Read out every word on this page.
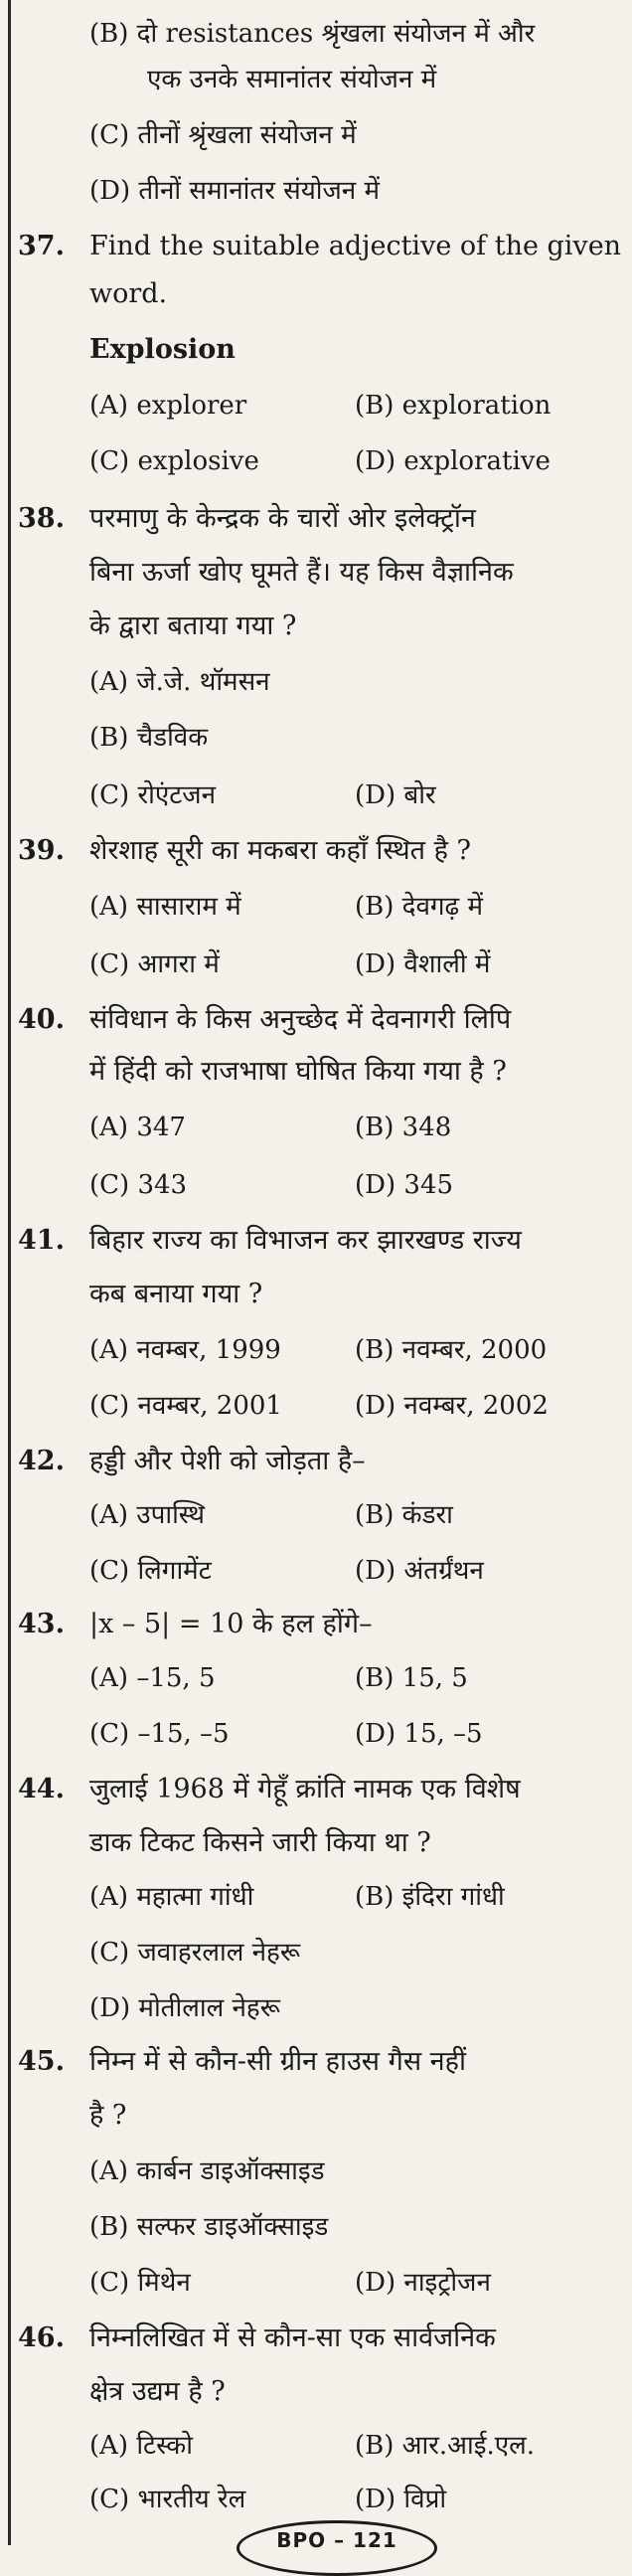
(B) दो resistances श्रृंखला संयोजन में और
एक उनके समानांतर संयोजन में
(C) तीनों श्रृंखला संयोजन में
(D) तीनों समानांतर संयोजन में
37. Find the suitable adjective of the given
word.
Explosion
(A) explorer	(B) exploration
(C) explosive	(D) explorative
38. परमाणु के केन्द्रक के चारों ओर इलेक्ट्रॉन
बिना ऊर्जा खोए घूमते हैं। यह किस वैज्ञानिक
के द्वारा बताया गया ?
(A) जे.जे. थॉमसन
(B) चैडविक
(C) रोएंटजन	(D) बोर
39. शेरशाह सूरी का मकबरा कहाँ स्थित है ?
(A) सासाराम में	(B) देवगढ़ में
(C) आगरा में	(D) वैशाली में
40. संविधान के किस अनुच्छेद में देवनागरी लिपि
में हिंदी को राजभाषा घोषित किया गया है ?
(A) 347	(B) 348
(C) 343	(D) 345
41. बिहार राज्य का विभाजन कर झारखण्ड राज्य
कब बनाया गया ?
(A) नवम्बर, 1999	(B) नवम्बर, 2000
(C) नवम्बर, 2001	(D) नवम्बर, 2002
42. हड्डी और पेशी को जोड़ता है–
(A) उपास्थि	(B) कंडरा
(C) लिगामेंट	(D) अंतर्ग्रंथन
43. |x – 5| = 10 के हल होंगे–
(A) –15, 5	(B) 15, 5
(C) –15, –5	(D) 15, –5
44. जुलाई 1968 में गेहूँ क्रांति नामक एक विशेष
डाक टिकट किसने जारी किया था ?
(A) महात्मा गांधी	(B) इंदिरा गांधी
(C) जवाहरलाल नेहरू
(D) मोतीलाल नेहरू
45. निम्न में से कौन-सी ग्रीन हाउस गैस नहीं
है ?
(A) कार्बन डाइऑक्साइड
(B) सल्फर डाइऑक्साइड
(C) मिथेन	(D) नाइट्रोजन
46. निम्नलिखित में से कौन-सा एक सार्वजनिक
क्षेत्र उद्यम है ?
(A) टिस्को	(B) आर.आई.एल.
(C) भारतीय रेल	(D) विप्रो
BPO – 121
